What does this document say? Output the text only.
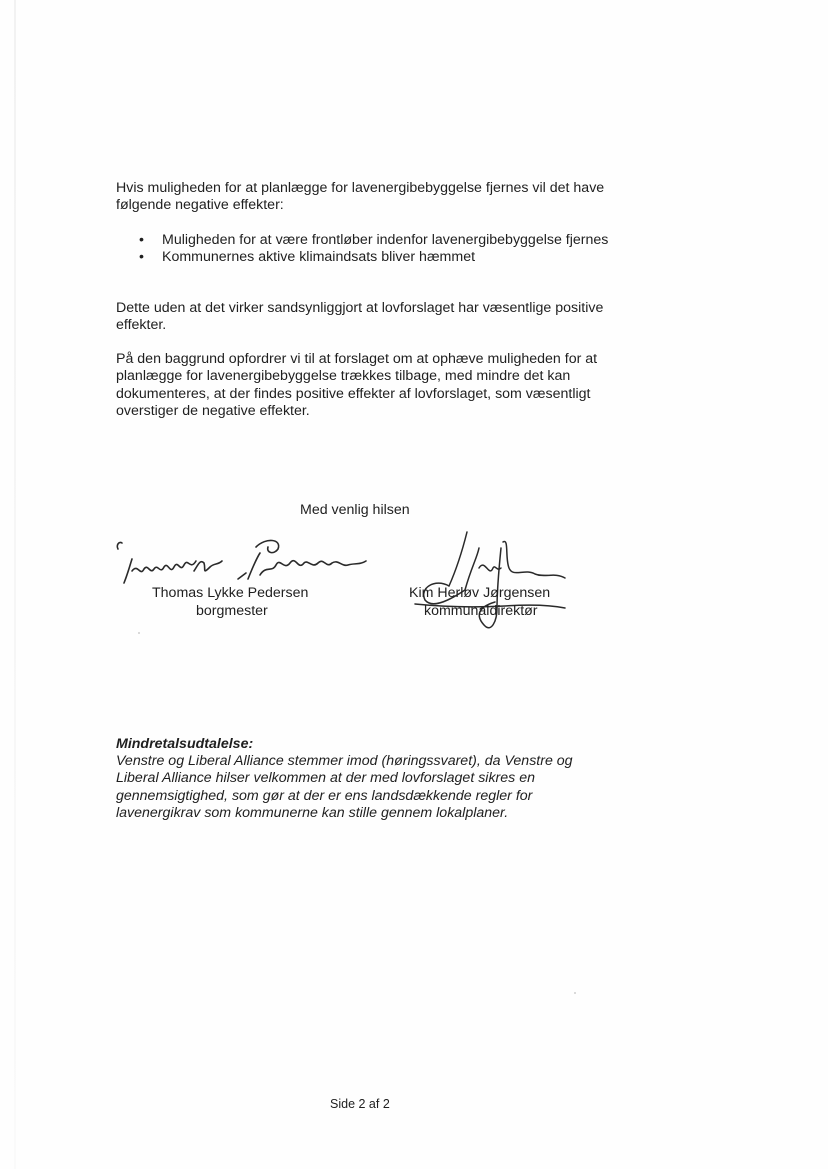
Hvis muligheden for at planlægge for lavenergibebyggelse fjernes vil det have følgende negative effekter:

• Muligheden for at være frontløber indenfor lavenergibebyggelse fjernes
• Kommunernes aktive klimaindsats bliver hæmmet

Dette uden at det virker sandsynliggjort at lovforslaget har væsentlige positive effekter.

På den baggrund opfordrer vi til at forslaget om at ophæve muligheden for at planlægge for lavenergibebyggelse trækkes tilbage, med mindre det kan dokumenteres, at der findes positive effekter af lovforslaget, som væsentligt overstiger de negative effekter.

Med venlig hilsen
Thomas Lykke Pedersen
borgmester
Kim Herløv Jørgensen
kommunaldirektør
Mindretalsudtalelse:

Venstre og Liberal Alliance stemmer imod (høringssvaret), da Venstre og Liberal Alliance hilser velkommen at der med lovforslaget sikres en gennemsigtighed, som gør at der er ens landsdækkende regler for lavenergikrav som kommunerne kan stille gennem lokalplaner.

Side 2 af 2
